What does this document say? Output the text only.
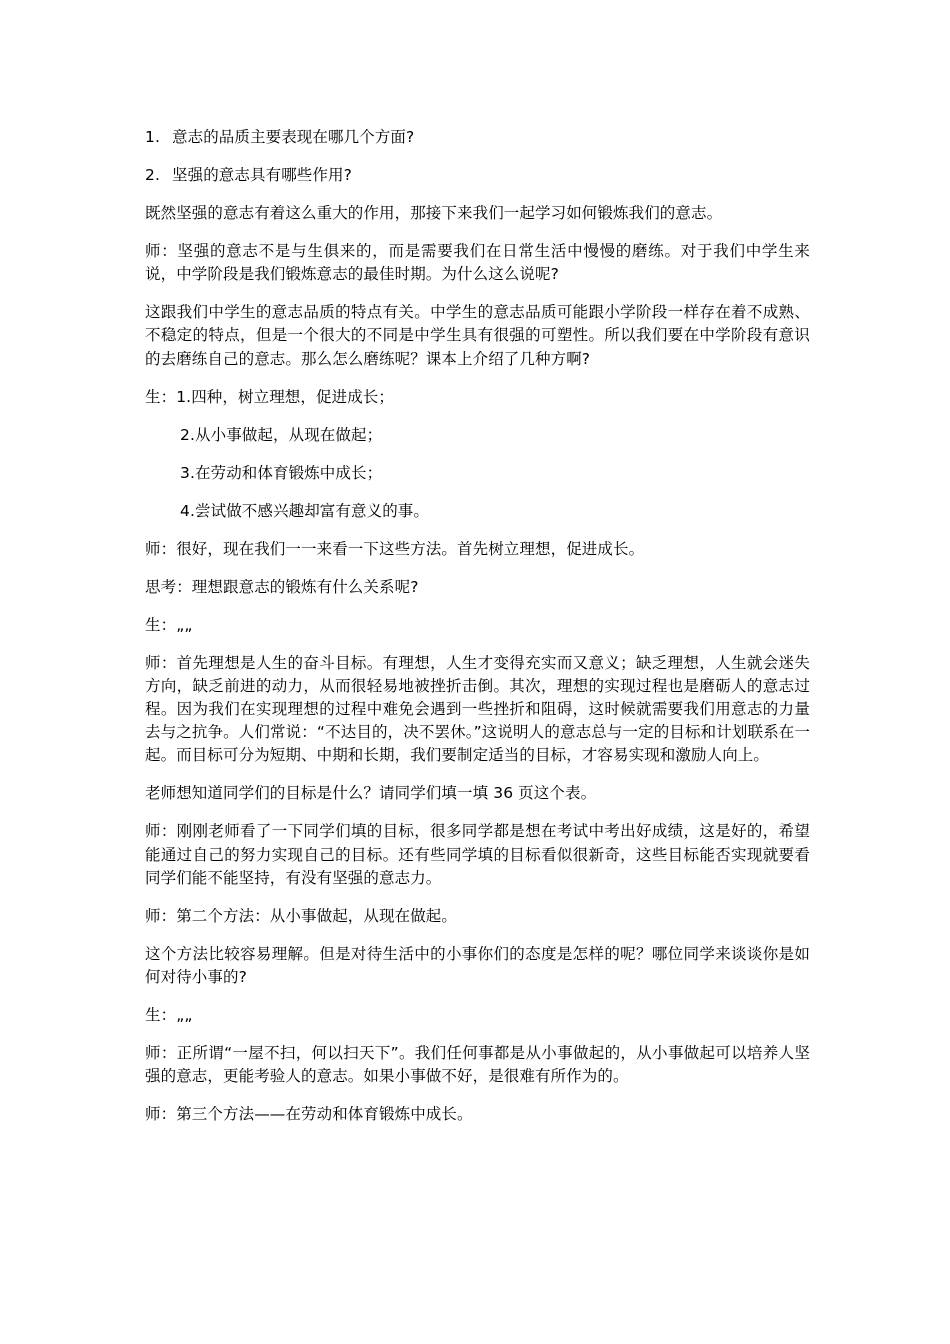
1. 意志的品质主要表现在哪几个方面?

2. 坚强的意志具有哪些作用?

既然坚强的意志有着这么重大的作用，那接下来我们一起学习如何锻炼我们的意志。

师：坚强的意志不是与生俱来的，而是需要我们在日常生活中慢慢的磨练。对于我们中学生来说，中学阶段是我们锻炼意志的最佳时期。为什么这么说呢?

这跟我们中学生的意志品质的特点有关。中学生的意志品质可能跟小学阶段一样存在着不成熟、不稳定的特点，但是一个很大的不同是中学生具有很强的可塑性。所以我们要在中学阶段有意识的去磨练自己的意志。那么怎么磨练呢？课本上介绍了几种方啊?

生：1.四种，树立理想，促进成长；

2.从小事做起，从现在做起；

3.在劳动和体育锻炼中成长；

4.尝试做不感兴趣却富有意义的事。

师：很好，现在我们一一来看一下这些方法。首先树立理想，促进成长。

思考：理想跟意志的锻炼有什么关系呢?

生：„„

师：首先理想是人生的奋斗目标。有理想，人生才变得充实而又意义；缺乏理想，人生就会迷失方向，缺乏前进的动力，从而很轻易地被挫折击倒。其次，理想的实现过程也是磨砺人的意志过程。因为我们在实现理想的过程中难免会遇到一些挫折和阻碍，这时候就需要我们用意志的力量去与之抗争。人们常说：“不达目的，决不罢休。”这说明人的意志总与一定的目标和计划联系在一起。而目标可分为短期、中期和长期，我们要制定适当的目标，才容易实现和激励人向上。

老师想知道同学们的目标是什么？请同学们填一填 36 页这个表。

师：刚刚老师看了一下同学们填的目标，很多同学都是想在考试中考出好成绩，这是好的，希望能通过自己的努力实现自己的目标。还有些同学填的目标看似很新奇，这些目标能否实现就要看同学们能不能坚持，有没有坚强的意志力。

师：第二个方法：从小事做起，从现在做起。

这个方法比较容易理解。但是对待生活中的小事你们的态度是怎样的呢？哪位同学来谈谈你是如何对待小事的?

生：„„

师：正所谓“一屋不扫，何以扫天下”。我们任何事都是从小事做起的，从小事做起可以培养人坚强的意志，更能考验人的意志。如果小事做不好，是很难有所作为的。

师：第三个方法——在劳动和体育锻炼中成长。
